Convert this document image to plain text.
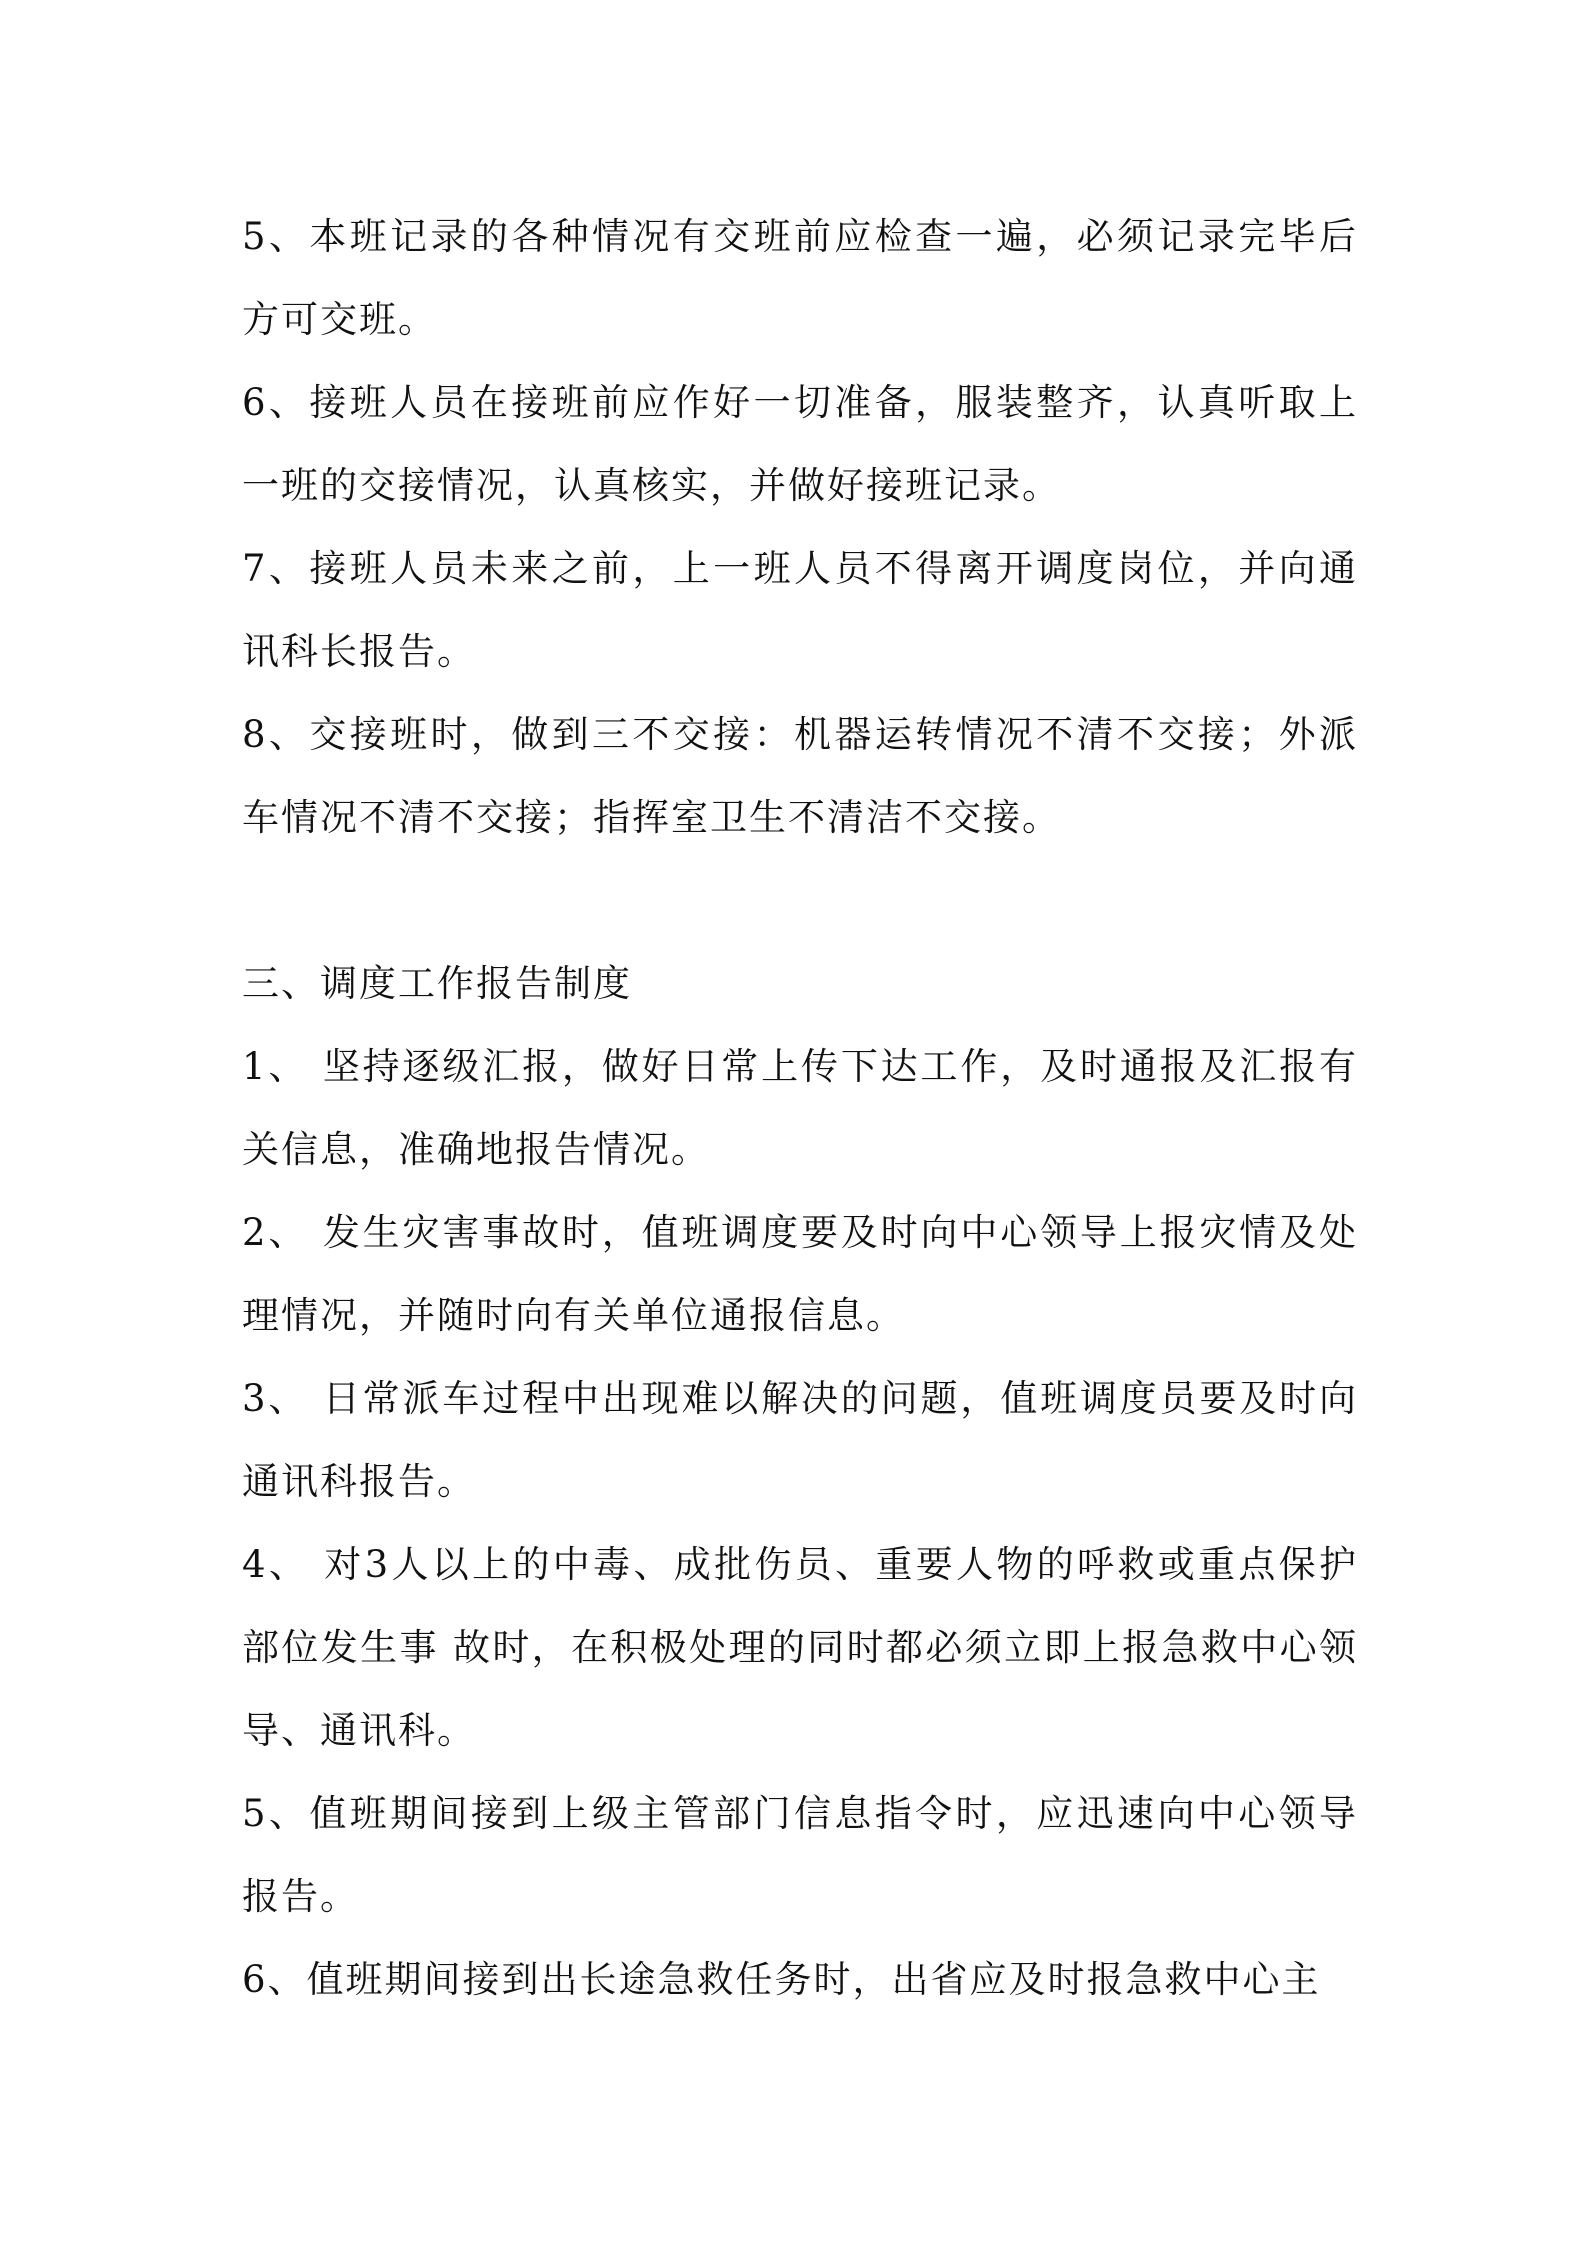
5、本班记录的各种情况有交班前应检查一遍，必须记录完毕后方可交班。

6、接班人员在接班前应作好一切准备，服装整齐，认真听取上一班的交接情况，认真核实，并做好接班记录。

7、接班人员未来之前，上一班人员不得离开调度岗位，并向通讯科长报告。

8、交接班时，做到三不交接：机器运转情况不清不交接；外派车情况不清不交接；指挥室卫生不清洁不交接。

三、调度工作报告制度

1、 坚持逐级汇报，做好日常上传下达工作，及时通报及汇报有关信息，准确地报告情况。

2、 发生灾害事故时，值班调度要及时向中心领导上报灾情及处理情况，并随时向有关单位通报信息。

3、 日常派车过程中出现难以解决的问题，值班调度员要及时向通讯科报告。

4、 对3人以上的中毒、成批伤员、重要人物的呼救或重点保护部位发生事 故时，在积极处理的同时都必须立即上报急救中心领导、通讯科。

5、值班期间接到上级主管部门信息指令时，应迅速向中心领导报告。

6、值班期间接到出长途急救任务时，出省应及时报急救中心主
